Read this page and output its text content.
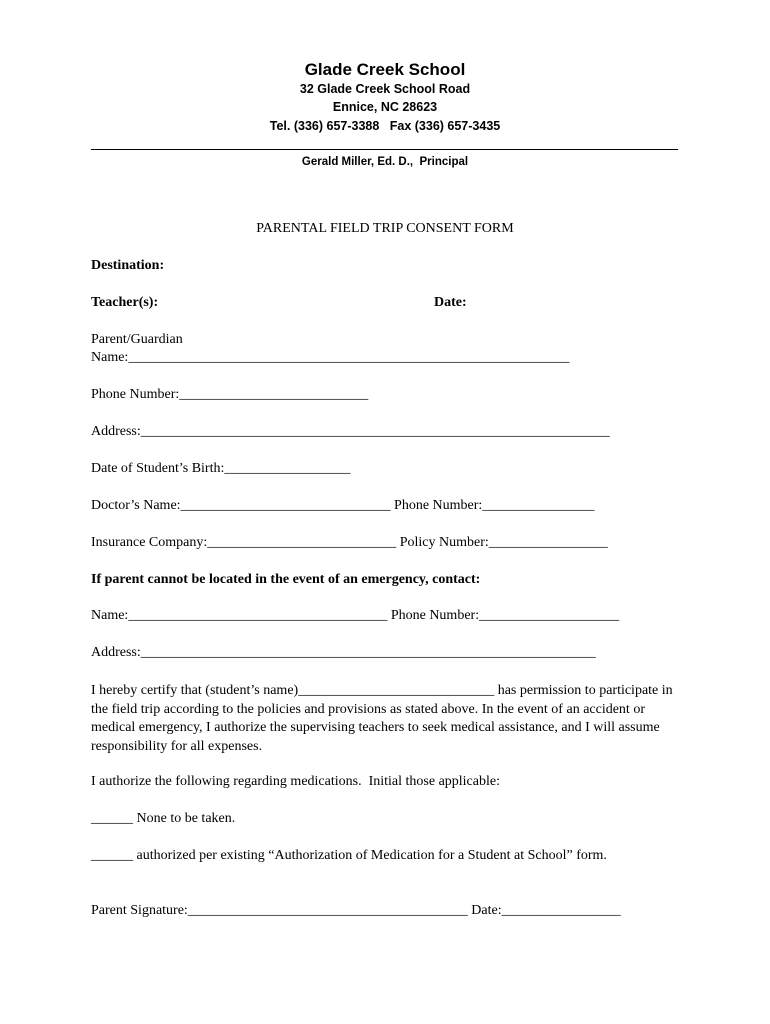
Glade Creek School
32 Glade Creek School Road
Ennice, NC 28623
Tel. (336) 657-3388   Fax (336) 657-3435
Gerald Miller, Ed. D.,  Principal
PARENTAL FIELD TRIP CONSENT FORM
Destination:
Teacher(s):	Date:
Parent/Guardian
Name:_______________________________________________________________
Phone Number:___________________________
Address:___________________________________________________________________
Date of Student’s Birth:__________________
Doctor’s Name:______________________________ Phone Number:________________
Insurance Company:___________________________ Policy Number:_________________
If parent cannot be located in the event of an emergency, contact:
Name:_____________________________________ Phone Number:____________________
Address:_________________________________________________________________
I hereby certify that (student’s name)____________________________ has permission to participate in the field trip according to the policies and provisions as stated above. In the event of an accident or medical emergency, I authorize the supervising teachers to seek medical assistance, and I will assume responsibility for all expenses.
I authorize the following regarding medications.  Initial those applicable:
______ None to be taken.
______ authorized per existing “Authorization of Medication for a Student at School” form.
Parent Signature:________________________________________ Date:_________________
